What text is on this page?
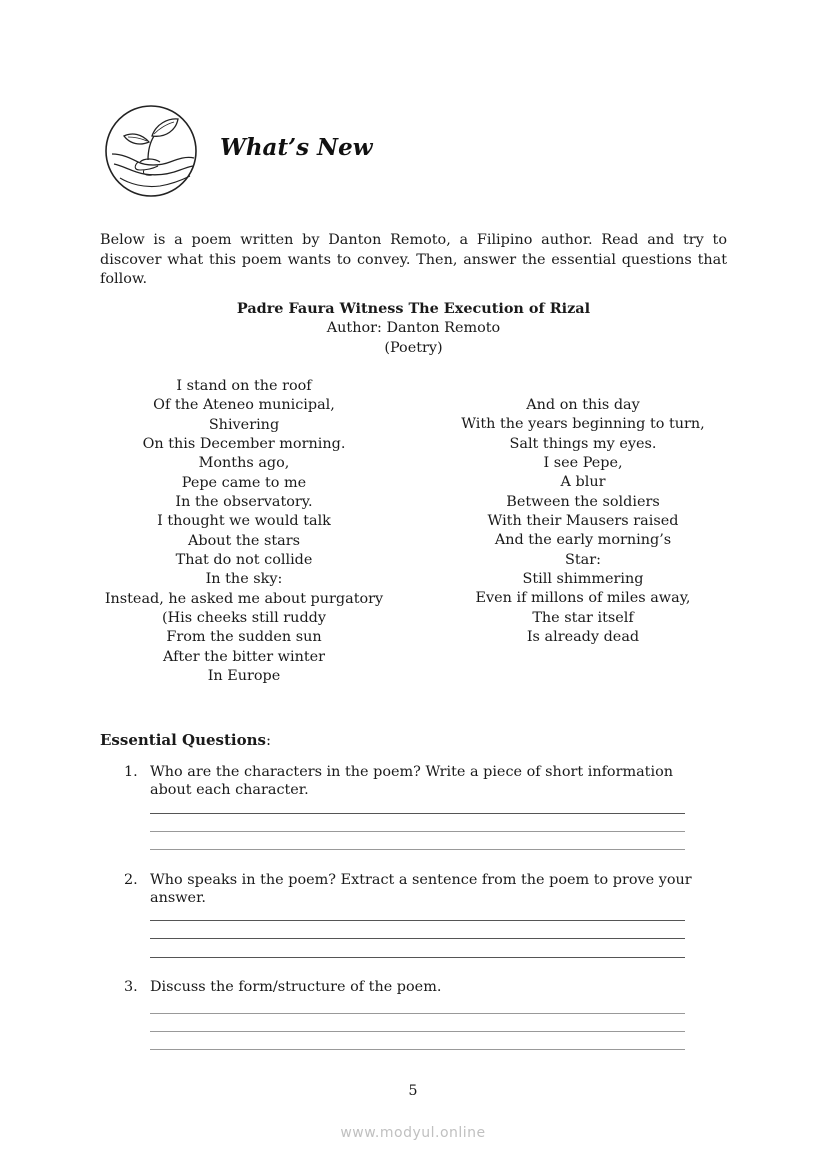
What’s New

Below is a poem written by Danton Remoto, a Filipino author. Read and try to discover what this poem wants to convey. Then, answer the essential questions that follow.

Padre Faura Witness The Execution of Rizal
Author: Danton Remoto
(Poetry)
I stand on the roof
Of the Ateneo municipal,
Shivering
On this December morning.
Months ago,
Pepe came to me
In the observatory.
I thought we would talk
About the stars
That do not collide
In the sky:
Instead, he asked me about purgatory
(His cheeks still ruddy
From the sudden sun
After the bitter winter
In Europe
And on this day
With the years beginning to turn,
Salt things my eyes.
I see Pepe,
A blur
Between the soldiers
With their Mausers raised
And the early morning’s
Star:
Still shimmering
Even if millons of miles away,
The star itself
Is already dead
Essential Questions:
1. Who are the characters in the poem? Write a piece of short information about each character.
2. Who speaks in the poem? Extract a sentence from the poem to prove your answer.
3. Discuss the form/structure of the poem.
5
www.modyul.online
